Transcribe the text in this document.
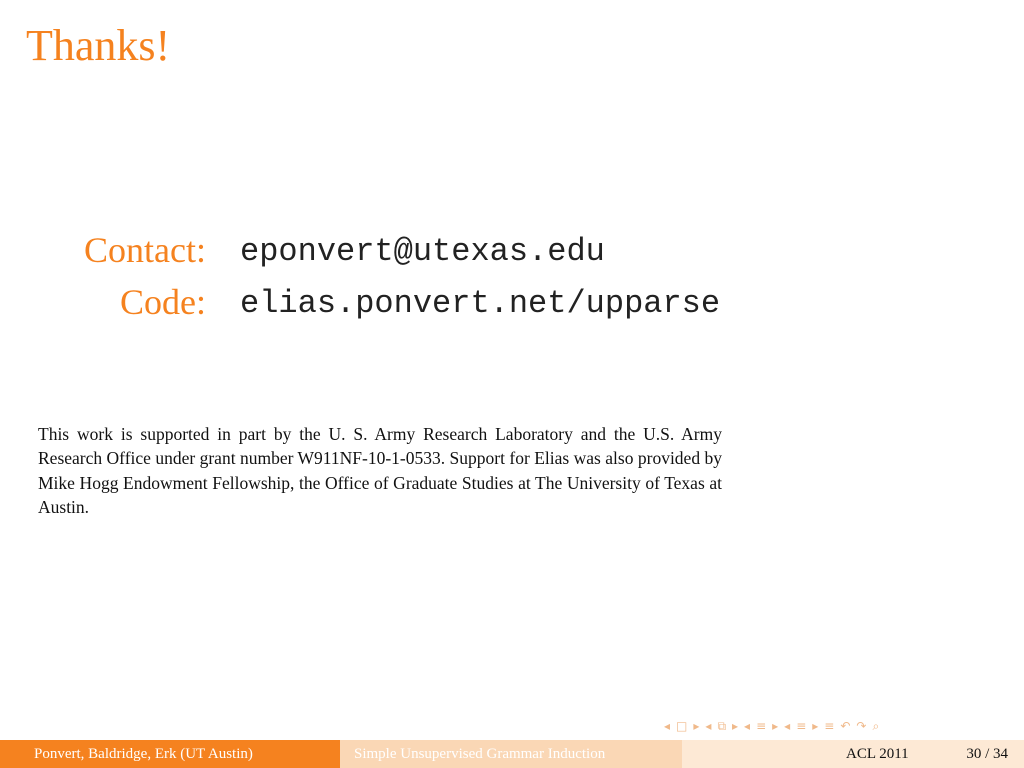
Thanks!
Contact: eponvert@utexas.edu
Code: elias.ponvert.net/upparse

This work is supported in part by the U. S. Army Research Laboratory and the U.S. Army Research Office under grant number W911NF-10-1-0533. Support for Elias was also provided by Mike Hogg Endowment Fellowship, the Office of Graduate Studies at The University of Texas at Austin.

◂ □ ▸ ◂ ⧉ ▸ ◂ ≡ ▸ ◂ ≡ ▸ ≡ ↶ ↷ ⌕
Ponvert, Baldridge, Erk (UT Austin)	Simple Unsupervised Grammar Induction	ACL 2011	30 / 34
